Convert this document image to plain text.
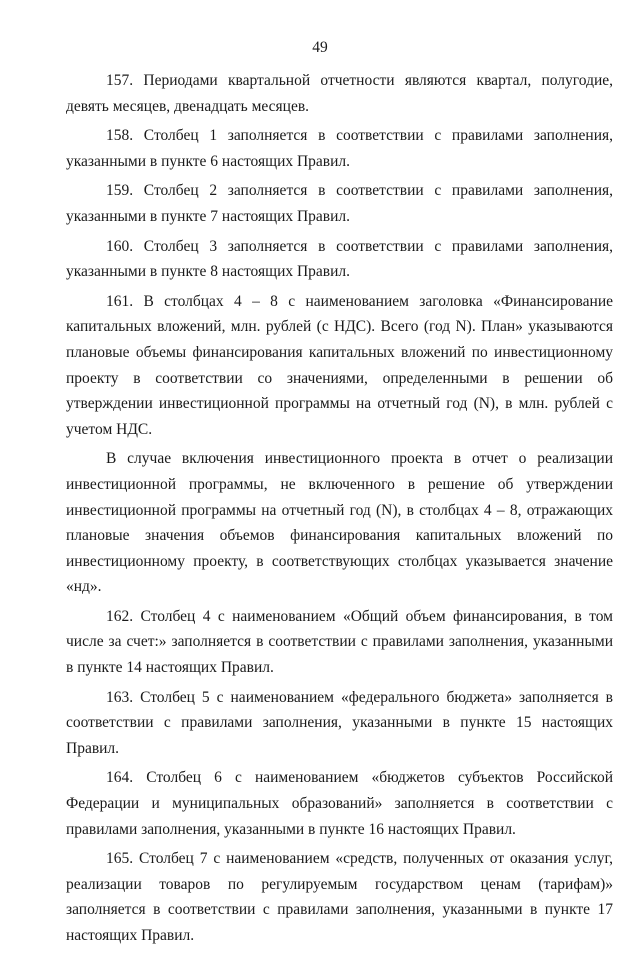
49

157. Периодами квартальной отчетности являются квартал, полугодие, девять месяцев, двенадцать месяцев.

158. Столбец 1 заполняется в соответствии с правилами заполнения, указанными в пункте 6 настоящих Правил.

159. Столбец 2 заполняется в соответствии с правилами заполнения, указанными в пункте 7 настоящих Правил.

160. Столбец 3 заполняется в соответствии с правилами заполнения, указанными в пункте 8 настоящих Правил.

161. В столбцах 4 – 8 с наименованием заголовка «Финансирование капитальных вложений, млн. рублей (с НДС). Всего (год N). План» указываются плановые объемы финансирования капитальных вложений по инвестиционному проекту в соответствии со значениями, определенными в решении об утверждении инвестиционной программы на отчетный год (N), в млн. рублей с учетом НДС.

В случае включения инвестиционного проекта в отчет о реализации инвестиционной программы, не включенного в решение об утверждении инвестиционной программы на отчетный год (N), в столбцах 4 – 8, отражающих плановые значения объемов финансирования капитальных вложений по инвестиционному проекту, в соответствующих столбцах указывается значение «нд».

162. Столбец 4 с наименованием «Общий объем финансирования, в том числе за счет:» заполняется в соответствии с правилами заполнения, указанными в пункте 14 настоящих Правил.

163. Столбец 5 с наименованием «федерального бюджета» заполняется в соответствии с правилами заполнения, указанными в пункте 15 настоящих Правил.

164. Столбец 6 с наименованием «бюджетов субъектов Российской Федерации и муниципальных образований» заполняется в соответствии с правилами заполнения, указанными в пункте 16 настоящих Правил.

165. Столбец 7 с наименованием «средств, полученных от оказания услуг, реализации товаров по регулируемым государством ценам (тарифам)» заполняется в соответствии с правилами заполнения, указанными в пункте 17 настоящих Правил.
